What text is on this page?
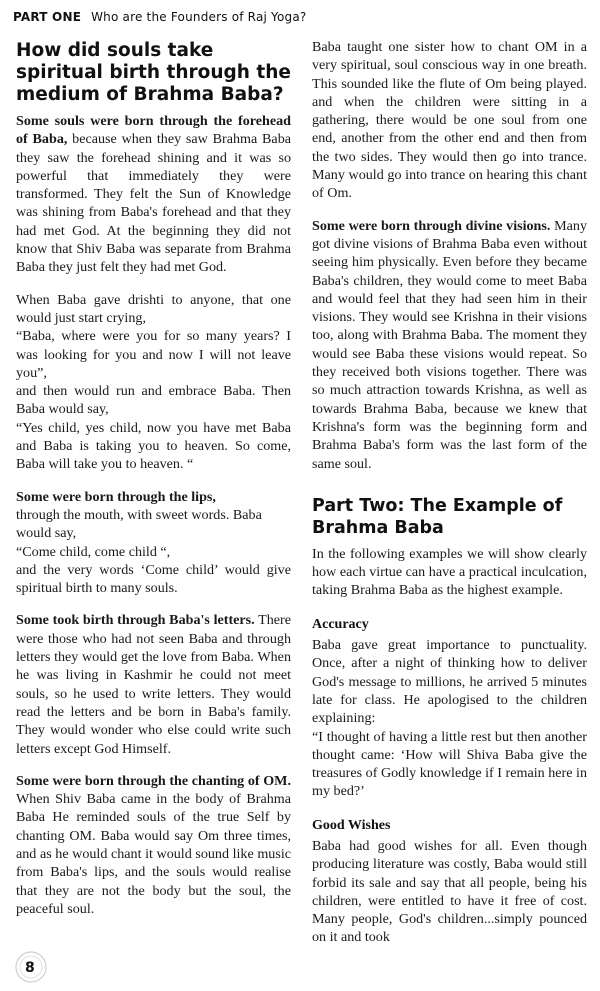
PART ONE Who are the Founders of Raj Yoga?
How did souls take spiritual birth through the medium of Brahma Baba?

Some souls were born through the forehead of Baba, because when they saw Brahma Baba they saw the forehead shining and it was so powerful that immediately they were transformed. They felt the Sun of Knowledge was shining from Baba's forehead and that they had met God. At the beginning they did not know that Shiv Baba was separate from Brahma Baba they just felt they had met God.

When Baba gave drishti to anyone, that one would just start crying,
“Baba, where were you for so many years? I was looking for you and now I will not leave you”,
and then would run and embrace Baba. Then Baba would say,
“Yes child, yes child, now you have met Baba and Baba is taking you to heaven. So come, Baba will take you to heaven. “

Some were born through the lips,
through the mouth, with sweet words. Baba would say,
“Come child, come child “,
and the very words ‘Come child’ would give spiritual birth to many souls.

Some took birth through Baba's letters. There were those who had not seen Baba and through letters they would get the love from Baba. When he was living in Kashmir he could not meet souls, so he used to write letters. They would read the letters and be born in Baba's family. They would wonder who else could write such letters except God Himself.

Some were born through the chanting of OM. When Shiv Baba came in the body of Brahma Baba He reminded souls of the true Self by chanting OM. Baba would say Om three times, and as he would chant it would sound like music from Baba's lips, and the souls would realise that they are not the body but the soul, the peaceful soul.

Baba taught one sister how to chant OM in a very spiritual, soul conscious way in one breath. This sounded like the flute of Om being played. and when the children were sitting in a gathering, there would be one soul from one end, another from the other end and then from the two sides. They would then go into trance. Many would go into trance on hearing this chant of Om.

Some were born through divine visions. Many got divine visions of Brahma Baba even without seeing him physically. Even before they became Baba's children, they would come to meet Baba and would feel that they had seen him in their visions. They would see Krishna in their visions too, along with Brahma Baba. The moment they would see Baba these visions would repeat. So they received both visions together. There was so much attraction towards Krishna, as well as towards Brahma Baba, because we knew that Krishna's form was the beginning form and Brahma Baba's form was the last form of the same soul.

Part Two: The Example of Brahma Baba

In the following examples we will show clearly how each virtue can have a practical inculcation, taking Brahma Baba as the highest example.

Accuracy

Baba gave great importance to punctuality. Once, after a night of thinking how to deliver God's message to millions, he arrived 5 minutes late for class. He apologised to the children explaining:

“I thought of having a little rest but then another thought came: ‘How will Shiva Baba give the treasures of Godly knowledge if I remain here in my bed?’

Good Wishes

Baba had good wishes for all. Even though producing literature was costly, Baba would still forbid its sale and say that all people, being his children, were entitled to have it free of cost. Many people, God's children...simply pounced on it and took

8
